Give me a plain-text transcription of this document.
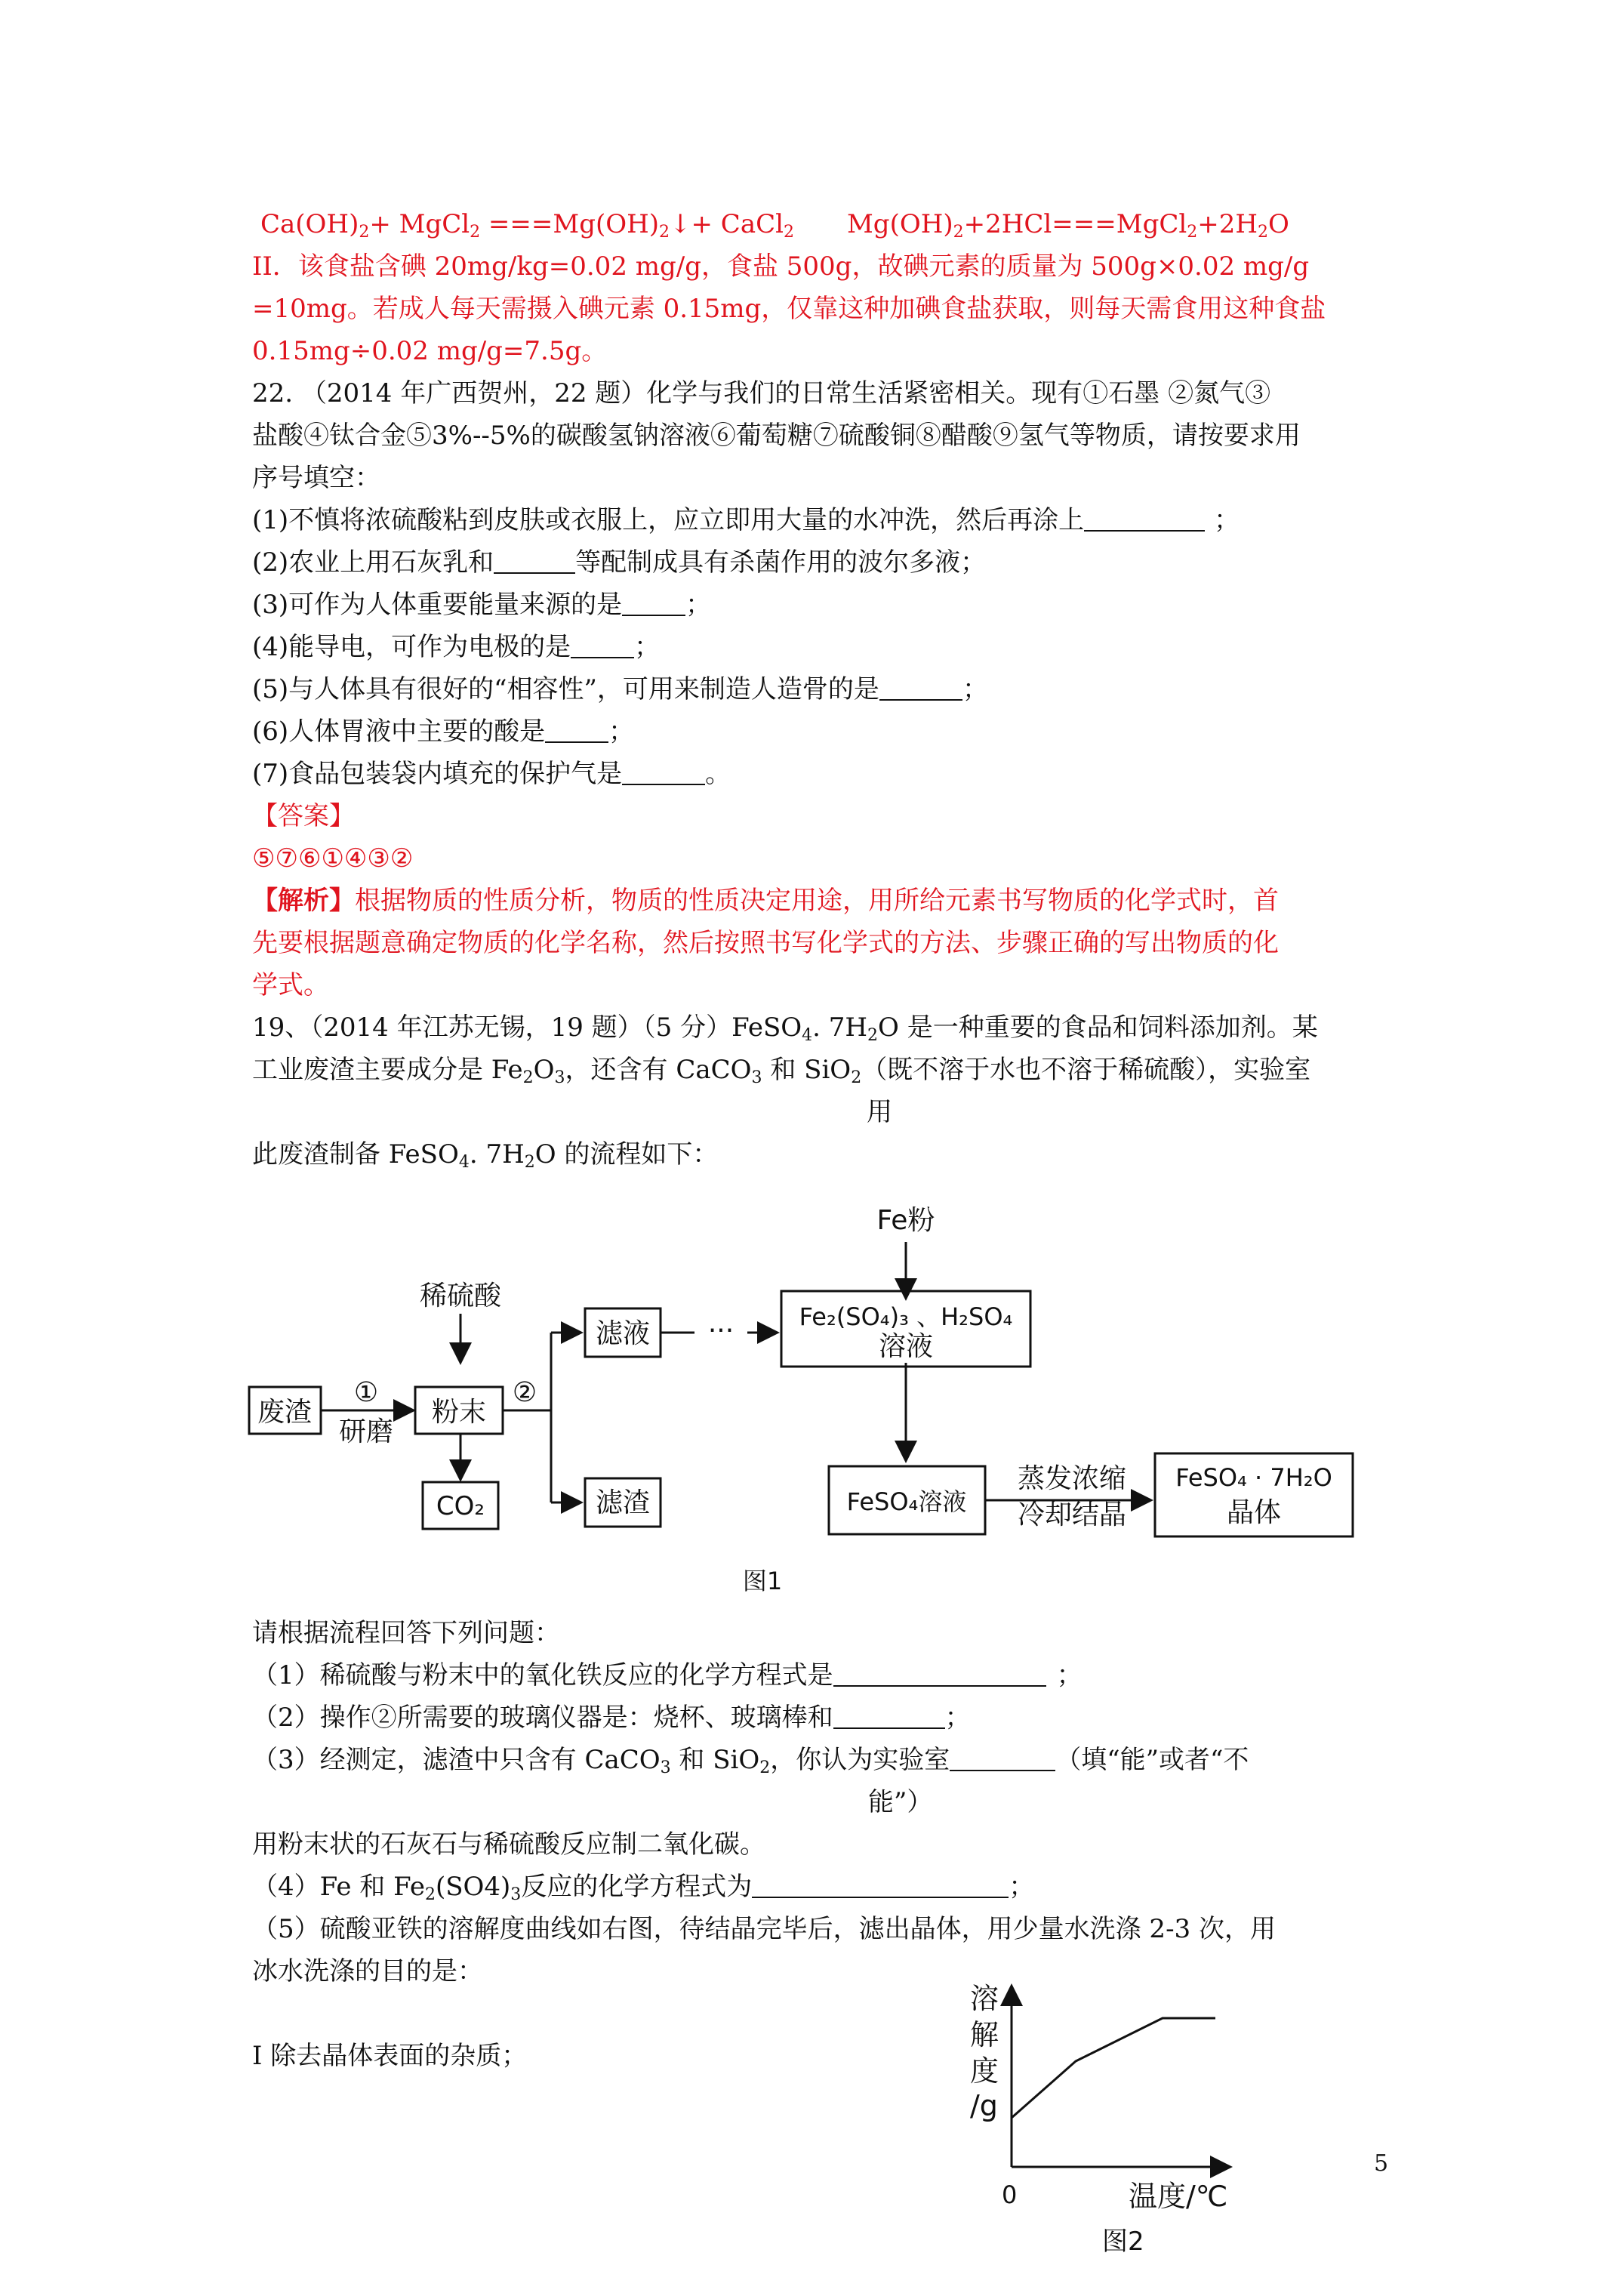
$Ca(OH)_2+$ MgCl$_2$ $===Mg(OH)_2↓+$ CaCl$_2$ $Mg(OH)_2+2HCl===MgCl_2+2H_2O$
II．该食盐含碘 20mg/kg=0.02 mg/g，食盐 500g，故碘元素的质量为 500g×0.02 mg/g
=10mg。若成人每天需摄入碘元素 0.15mg，仅靠这种加碘食盐获取，则每天需食用这种食盐
0.15mg÷0.02 mg/g=7.5g。
22. （2014 年广西贺州，22 题）化学与我们的日常生活紧密相关。现有①石墨 ②氮气③
盐酸④钛合金⑤3%--5%的碳酸氢钠溶液⑥葡萄糖⑦硫酸铜⑧醋酸⑨氢气等物质，请按要求用
序号填空：
(1)不慎将浓硫酸粘到皮肤或衣服上，应立即用大量的水冲洗，然后再涂上	；
(2)农业上用石灰乳和	等配制成具有杀菌作用的波尔多液；
(3)可作为人体重要能量来源的是 ；
(4)能导电，可作为电极的是 ；
(5)与人体具有很好的“相容性”，可用来制造人造骨的是	；
(6)人体胃液中主要的酸是 ；
(7)食品包装袋内填充的保护气是	。
【答案】
⑤⑦⑥①④③②
【解析】根据物质的性质分析，物质的性质决定用途，用所给元素书写物质的化学式时，首
先要根据题意确定物质的化学名称，然后按照书写化学式的方法、步骤正确的写出物质的化
学式。
19、（2014 年江苏无锡，19 题）（5 分）FeSO$_4$. $7H_2O$ 是一种重要的食品和饲料添加剂。某
工业废渣主要成分是 $Fe_2O_3$，还含有 CaCO$_3$ 和 SiO$_2$（既不溶于水也不溶于稀硫酸），实验室
用
此废渣制备 FeSO$_4$. $7H_2O$ 的流程如下：
Fe粉
稀硫酸
废渣
①
研磨
粉末
②
滤液 ···
滤渣
CO₂
Fe₂(SO₄)₃ 、H₂SO₄
溶液
FeSO₄溶液
蒸发浓缩
冷却结晶
FeSO₄ · 7H₂O
晶体
图1
请根据流程回答下列问题：
（1）稀硫酸与粉末中的氧化铁反应的化学方程式是	；
（2）操作②所需要的玻璃仪器是：烧杯、玻璃棒和	；
（3）经测定，滤渣中只含有 CaCO$_3$ 和 SiO$_2$，你认为实验室	（填“能”或者“不
能”）
用粉末状的石灰石与稀硫酸反应制二氧化碳。
（4）Fe 和 $Fe_2(SO4)_3$反应的化学方程式为	；
（5）硫酸亚铁的溶解度曲线如右图，待结晶完毕后，滤出晶体，用少量水洗涤 2-3 次，用
冰水洗涤的目的是：
Ⅰ 除去晶体表面的杂质；
溶
解
度
/g
0	温度/℃
图2
5
